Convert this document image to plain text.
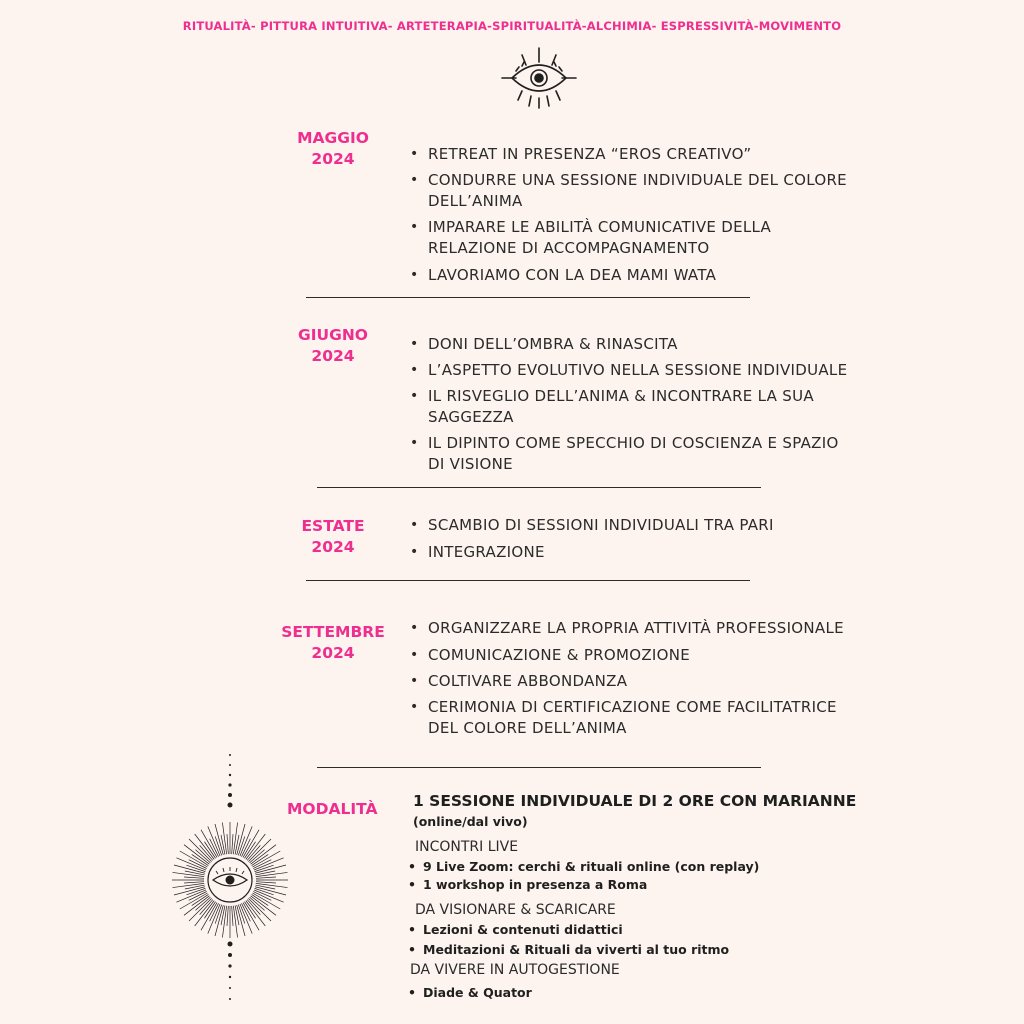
RITUALITÀ- PITTURA INTUITIVA- ARTETERAPIA-SPIRITUALITÀ-ALCHIMIA- ESPRESSIVITÀ-MOVIMENTO
MAGGIO
2024
•	RETREAT IN PRESENZA “EROS CREATIVO”
• CONDURRE UNA SESSIONE INDIVIDUALE DEL COLORE DELL’ANIMA
• IMPARARE LE ABILITÀ COMUNICATIVE DELLA RELAZIONE DI ACCOMPAGNAMENTO
• LAVORIAMO CON LA DEA MAMI WATA
GIUGNO
2024
• DONI DELL’OMBRA & RINASCITA
• L’ASPETTO EVOLUTIVO NELLA SESSIONE INDIVIDUALE
• IL RISVEGLIO DELL’ANIMA & INCONTRARE LA SUA SAGGEZZA
• IL DIPINTO COME SPECCHIO DI COSCIENZA E SPAZIO DI VISIONE
ESTATE
2024
• SCAMBIO DI SESSIONI INDIVIDUALI TRA PARI
• INTEGRAZIONE
SETTEMBRE
2024
• ORGANIZZARE LA PROPRIA ATTIVITÀ PROFESSIONALE
• COMUNICAZIONE & PROMOZIONE
• COLTIVARE ABBONDANZA
• CERIMONIA DI CERTIFICAZIONE COME FACILITATRICE DEL COLORE DELL’ANIMA
MODALITÀ 1 SESSIONE INDIVIDUALE DI 2 ORE CON MARIANNE
(online/dal vivo)
INCONTRI LIVE
• 9 Live Zoom: cerchi & rituali online (con replay)
• 1 workshop in presenza a Roma
DA VISIONARE & SCARICARE
• Lezioni & contenuti didattici
• Meditazioni & Rituali da viverti al tuo ritmo
DA VIVERE IN AUTOGESTIONE
• Diade & Quator
